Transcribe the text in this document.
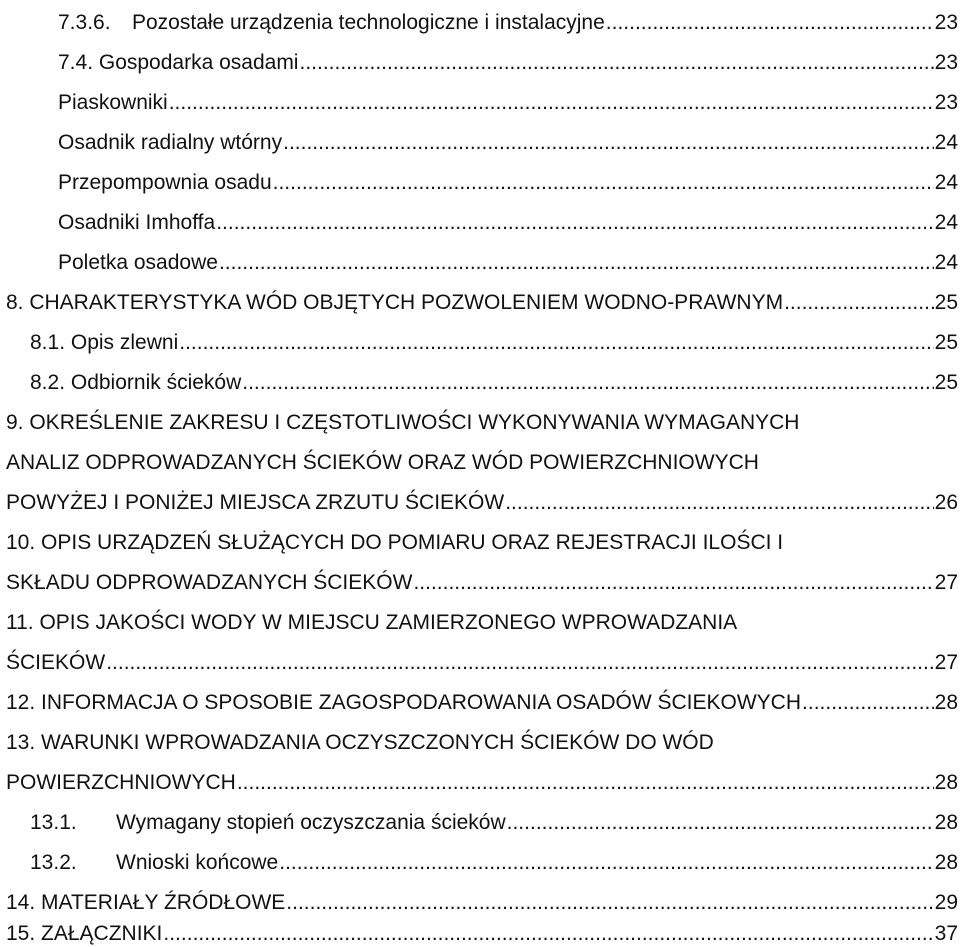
7.3.6. Pozostałe urządzenia technologiczne i instalacyjne .....	23
7.4. Gospodarka osadami .....	23
Piaskowniki .....	23
Osadnik radialny wtórny .....	24
Przepompownia osadu .....	24
Osadniki Imhoffa .....	24
Poletka osadowe .....	24
8. CHARAKTERYSTYKA WÓD OBJĘTYCH POZWOLENIEM WODNO-PRAWNYM .....	25
8.1. Opis zlewni .....	25
8.2. Odbiornik ścieków .....	25
9. OKREŚLENIE ZAKRESU I CZĘSTOTLIWOŚCI WYKONYWANIA WYMAGANYCH
ANALIZ ODPROWADZANYCH ŚCIEKÓW ORAZ WÓD POWIERZCHNIOWYCH
POWYŻEJ I PONIŻEJ MIEJSCA ZRZUTU ŚCIEKÓW .....	26
10. OPIS URZĄDZEŃ SŁUŻĄCYCH DO POMIARU ORAZ REJESTRACJI ILOŚCI I
SKŁADU ODPROWADZANYCH ŚCIEKÓW .....	27
11. OPIS JAKOŚCI WODY W MIEJSCU ZAMIERZONEGO WPROWADZANIA
ŚCIEKÓW .....	27
12. INFORMACJA O SPOSOBIE ZAGOSPODAROWANIA OSADÓW ŚCIEKOWYCH .....	28
13. WARUNKI WPROWADZANIA OCZYSZCZONYCH ŚCIEKÓW DO WÓD
POWIERZCHNIOWYCH .....	28
13.1. Wymagany stopień oczyszczania ścieków .....	28
13.2. Wnioski końcowe .....	28
14. MATERIAŁY ŹRÓDŁOWE .....	29
15. ZAŁĄCZNIKI .....	37
